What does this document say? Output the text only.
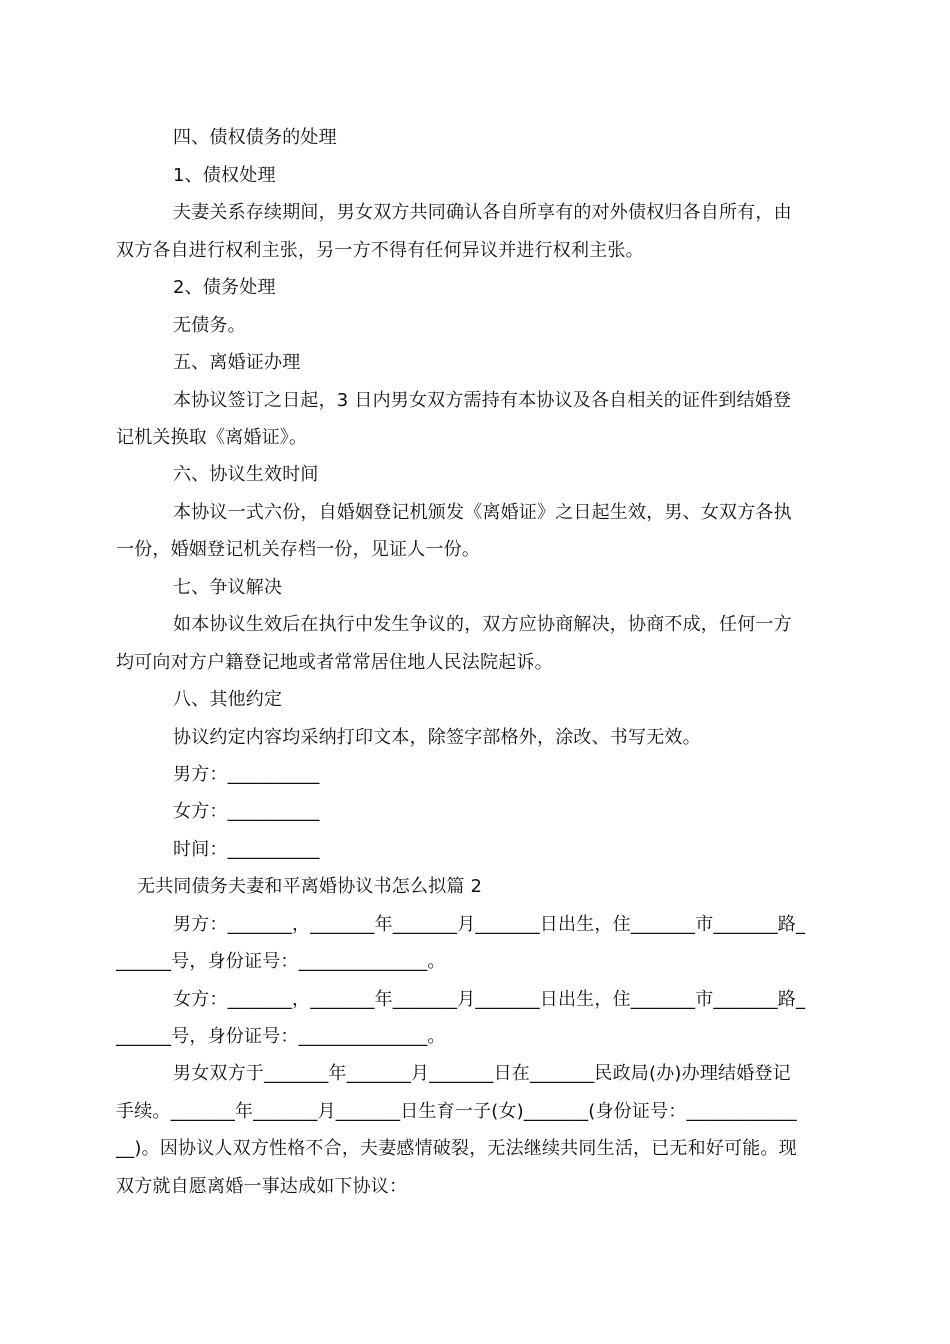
四、债权债务的处理
1、债权处理
夫妻关系存续期间，男女双方共同确认各自所享有的对外债权归各自所有，由
双方各自进行权利主张，另一方不得有任何异议并进行权利主张。
2、债务处理
无债务。
五、离婚证办理
本协议签订之日起，3 日内男女双方需持有本协议及各自相关的证件到结婚登
记机关换取《离婚证》。
六、协议生效时间
本协议一式六份，自婚姻登记机颁发《离婚证》之日起生效，男、女双方各执
一份，婚姻登记机关存档一份，见证人一份。
七、争议解决
如本协议生效后在执行中发生争议的，双方应协商解决，协商不成，任何一方
均可向对方户籍登记地或者常常居住地人民法院起诉。
八、其他约定
协议约定内容均采纳打印文本，除签字部格外，涂改、书写无效。
男方：__________
女方：__________
时间：__________
无共同债务夫妻和平离婚协议书怎么拟篇 2
男方：_______，_______年_______月_______日出生，住_______市_______路_
______号，身份证号：______________。
女方：_______，_______年_______月_______日出生，住_______市_______路_
______号，身份证号：______________。
男女双方于_______年_______月_______日在_______民政局(办)办理结婚登记
手续。_______年_______月_______日生育一子(女)_______(身份证号：____________
__)。因协议人双方性格不合，夫妻感情破裂，无法继续共同生活，已无和好可能。现
双方就自愿离婚一事达成如下协议：
